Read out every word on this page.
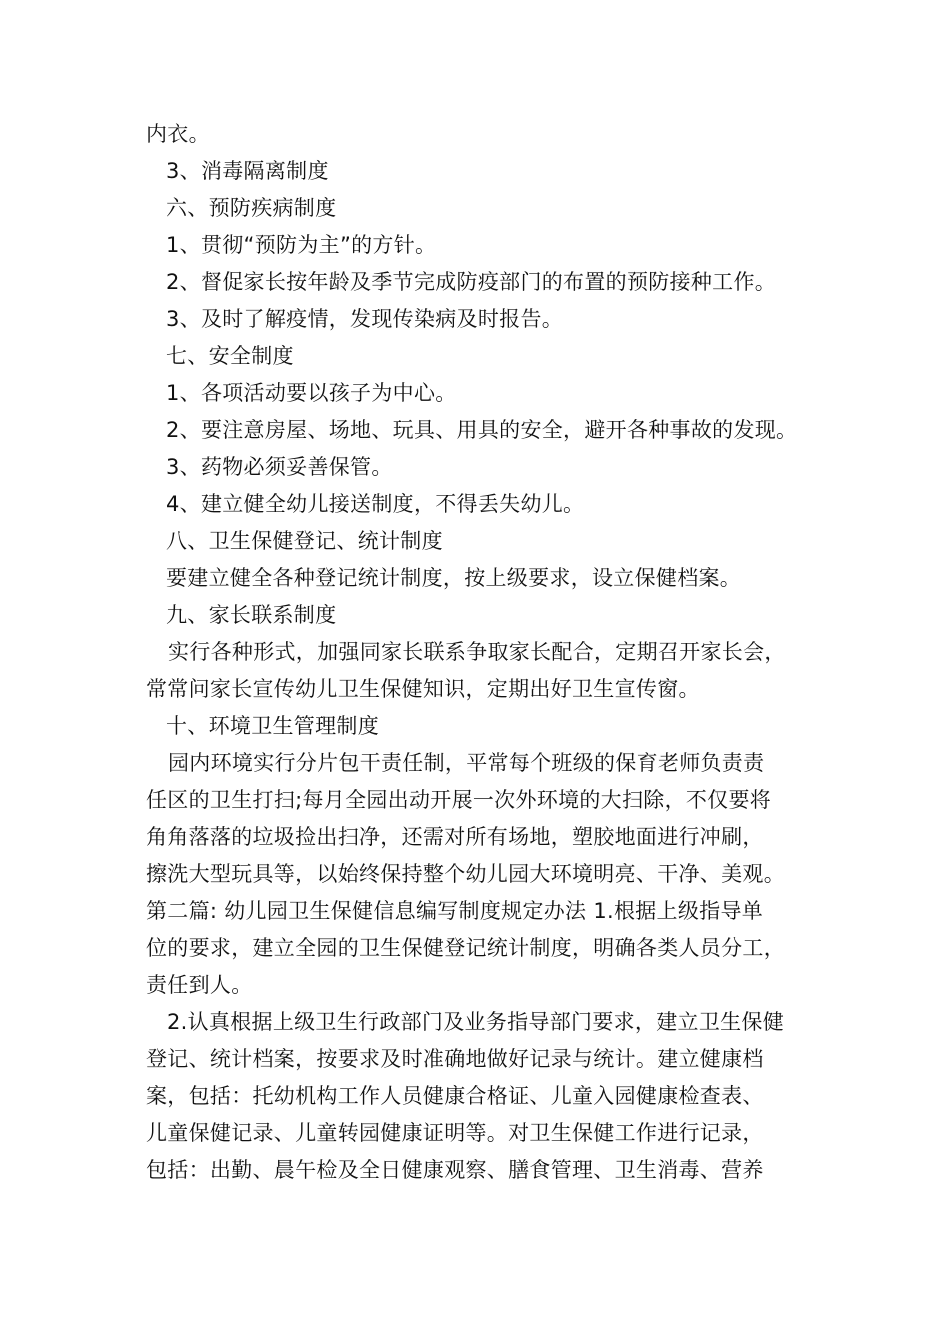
内衣。

3、消毒隔离制度

六、预防疾病制度

1、贯彻“预防为主”的方针。

2、督促家长按年龄及季节完成防疫部门的布置的预防接种工作。

3、及时了解疫情，发现传染病及时报告。

七、安全制度

1、各项活动要以孩子为中心。

2、要注意房屋、场地、玩具、用具的安全，避开各种事故的发现。

3、药物必须妥善保管。

4、建立健全幼儿接送制度，不得丢失幼儿。

八、卫生保健登记、统计制度

要建立健全各种登记统计制度，按上级要求，设立保健档案。

九、家长联系制度

实行各种形式，加强同家长联系争取家长配合，定期召开家长会，

常常问家长宣传幼儿卫生保健知识，定期出好卫生宣传窗。

十、环境卫生管理制度

园内环境实行分片包干责任制，平常每个班级的保育老师负责责

任区的卫生打扫;每月全园出动开展一次外环境的大扫除，不仅要将

角角落落的垃圾捡出扫净，还需对所有场地，塑胶地面进行冲刷，

擦洗大型玩具等，以始终保持整个幼儿园大环境明亮、干净、美观。

第二篇: 幼儿园卫生保健信息编写制度规定办法 1.根据上级指导单

位的要求，建立全园的卫生保健登记统计制度，明确各类人员分工，

责任到人。

2.认真根据上级卫生行政部门及业务指导部门要求，建立卫生保健

登记、统计档案，按要求及时准确地做好记录与统计。建立健康档

案，包括：托幼机构工作人员健康合格证、儿童入园健康检查表、

儿童保健记录、儿童转园健康证明等。对卫生保健工作进行记录，

包括：出勤、晨午检及全日健康观察、膳食管理、卫生消毒、营养
